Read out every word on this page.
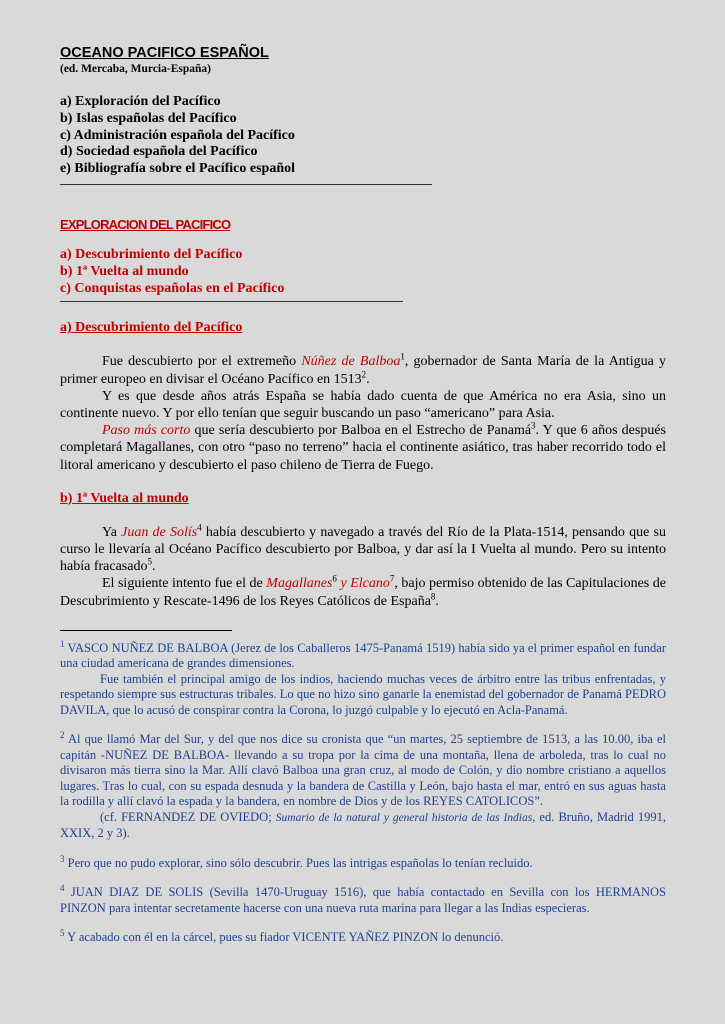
OCEANO PACIFICO ESPAÑOL

(ed. Mercaba, Murcia-España)

a) Exploración del Pacífico
b) Islas españolas del Pacífico
c) Administración española del Pacífico
d) Sociedad española del Pacífico
e) Bibliografía sobre el Pacífico español
EXPLORACION DEL PACIFICO
a) Descubrimiento del Pacífico
b) 1ª Vuelta al mundo
c) Conquistas españolas en el Pacífico
a) Descubrimiento del Pacífico

Fue descubierto por el extremeño Núñez de Balboa$^1$, gobernador de Santa María de la Antigua y primer europeo en divisar el Océano Pacífico en 1513$^2$.

Y es que desde años atrás España se había dado cuenta de que América no era Asia, sino un continente nuevo. Y por ello tenían que seguir buscando un paso “americano” para Asia.

Paso más corto que sería descubierto por Balboa en el Estrecho de Panamá$^3$. Y que 6 años después completará Magallanes, con otro “paso no terreno” hacia el continente asiático, tras haber recorrido todo el litoral americano y descubierto el paso chileno de Tierra de Fuego.

b) 1ª Vuelta al mundo

Ya Juan de Solís$^4$ había descubierto y navegado a través del Río de la Plata-1514, pensando que su curso le llevaría al Océano Pacífico descubierto por Balboa, y dar así la I Vuelta al mundo. Pero su intento había fracasado$^5$.

El siguiente intento fue el de Magallanes$^6$ y Elcano$^7$, bajo permiso obtenido de las Capitulaciones de Descubrimiento y Rescate-1496 de los Reyes Católicos de España$^8$.

$^1$ VASCO NUÑEZ DE BALBOA (Jerez de los Caballeros 1475-Panamá 1519) había sido ya el primer español en fundar una ciudad americana de grandes dimensiones.

Fue también el principal amigo de los indios, haciendo muchas veces de árbitro entre las tribus enfrentadas, y respetando siempre sus estructuras tribales. Lo que no hizo sino ganarle la enemistad del gobernador de Panamá PEDRO DAVILA, que lo acusó de conspirar contra la Corona, lo juzgó culpable y lo ejecutó en Acla-Panamá.

$^2$ Al que llamó Mar del Sur, y del que nos dice su cronista que “un martes, 25 septiembre de 1513, a las 10.00, iba el capitán -NUÑEZ DE BALBOA- llevando a su tropa por la cima de una montaña, llena de arboleda, tras lo cual no divisaron más tierra sino la Mar. Allí clavó Balboa una gran cruz, al modo de Colón, y dio nombre cristiano a aquellos lugares. Tras lo cual, con su espada desnuda y la bandera de Castilla y León, bajo hasta el mar, entró en sus aguas hasta la rodilla y allí clavó la espada y la bandera, en nombre de Dios y de los REYES CATOLICOS”.

(cf. FERNANDEZ DE OVIEDO; Sumario de la natural y general historia de las Indias, ed. Bruño, Madrid 1991, XXIX, 2 y 3).

$^3$ Pero que no pudo explorar, sino sólo descubrir. Pues las intrigas españolas lo tenían recluido.

$^4$ JUAN DIAZ DE SOLIS (Sevilla 1470-Uruguay 1516), que había contactado en Sevilla con los HERMANOS PINZON para intentar secretamente hacerse con una nueva ruta marina para llegar a las Indias especieras.

$^5$ Y acabado con él en la cárcel, pues su fiador VICENTE YAÑEZ PINZON lo denunció.
